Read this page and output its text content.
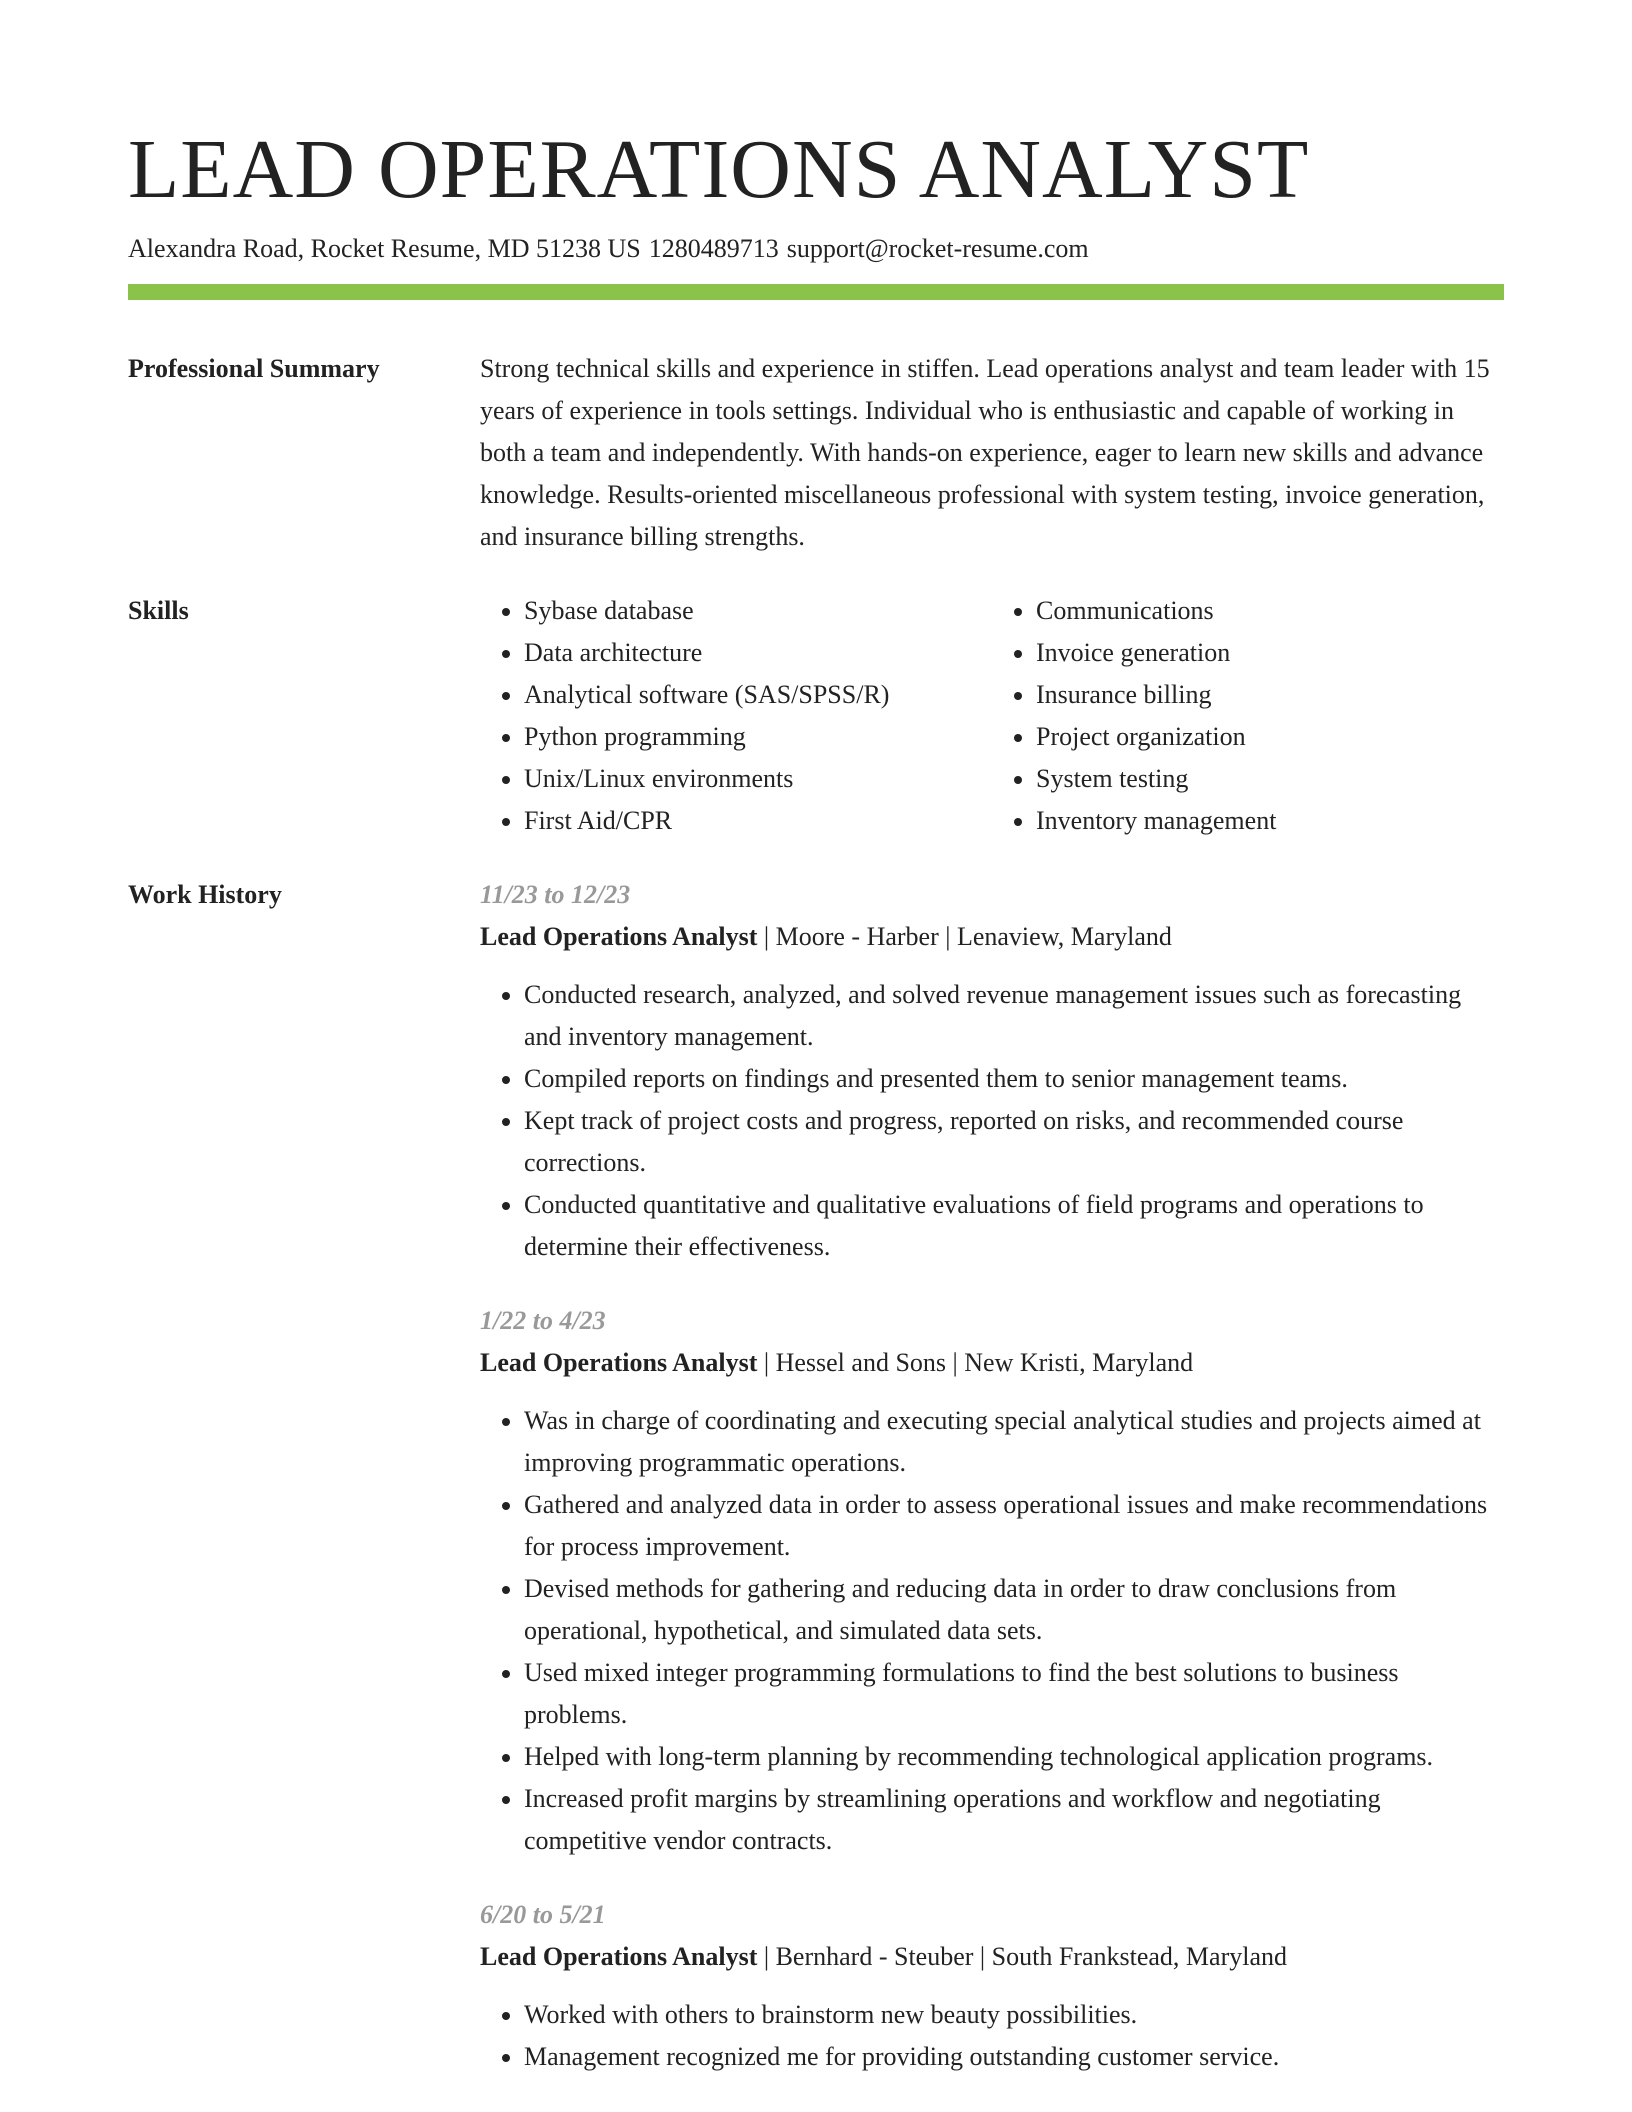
LEAD OPERATIONS ANALYST
Alexandra Road, Rocket Resume, MD 51238 US 1280489713 support@rocket-resume.com
Professional Summary	Strong technical skills and experience in stiffen. Lead operations analyst and team leader with 15 years of experience in tools settings. Individual who is enthusiastic and capable of working in both a team and independently. With hands-on experience, eager to learn new skills and advance knowledge. Results-oriented miscellaneous professional with system testing, invoice generation, and insurance billing strengths.
Skills
•	Sybase database
• Data architecture
• Analytical software (SAS/SPSS/R)
• Python programming
• Unix/Linux environments
• First Aid/CPR
• Communications
• Invoice generation
• Insurance billing
• Project organization
• System testing
• Inventory management
Work History	11/23 to 12/23
Lead Operations Analyst | Moore - Harber | Lenaview, Maryland
• Conducted research, analyzed, and solved revenue management issues such as forecasting and inventory management.
• Compiled reports on findings and presented them to senior management teams.
• Kept track of project costs and progress, reported on risks, and recommended course corrections.
• Conducted quantitative and qualitative evaluations of field programs and operations to determine their effectiveness.
1/22 to 4/23
Lead Operations Analyst | Hessel and Sons | New Kristi, Maryland
• Was in charge of coordinating and executing special analytical studies and projects aimed at improving programmatic operations.
• Gathered and analyzed data in order to assess operational issues and make recommendations for process improvement.
• Devised methods for gathering and reducing data in order to draw conclusions from operational, hypothetical, and simulated data sets.
• Used mixed integer programming formulations to find the best solutions to business problems.
• Helped with long-term planning by recommending technological application programs.
• Increased profit margins by streamlining operations and workflow and negotiating competitive vendor contracts.
6/20 to 5/21
Lead Operations Analyst | Bernhard - Steuber | South Frankstead, Maryland
• Worked with others to brainstorm new beauty possibilities.
• Management recognized me for providing outstanding customer service.
